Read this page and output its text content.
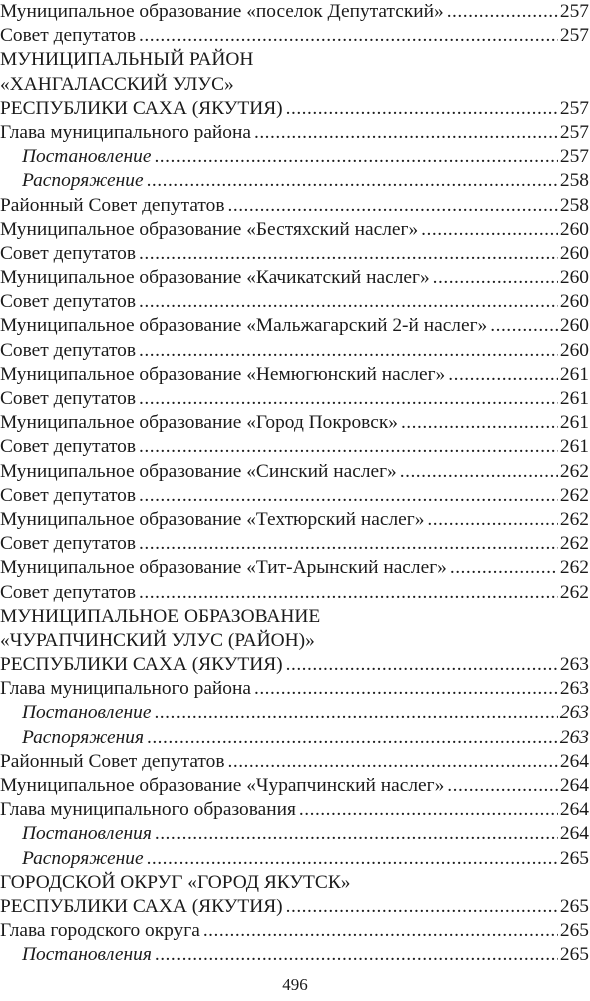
Муниципальное образование «поселок Депутатский» .....	257
Совет депутатов .....	257
МУНИЦИПАЛЬНЫЙ РАЙОН
«ХАНГАЛАССКИЙ УЛУС»
РЕСПУБЛИКИ САХА (ЯКУТИЯ) .....	257
Глава муниципального района .....	257
Постановление .....	257
Распоряжение .....	258
Районный Совет депутатов .....	258
Муниципальное образование «Бестяхский наслег» .....	260
Совет депутатов .....	260
Муниципальное образование «Качикатский наслег» .....	260
Совет депутатов .....	260
Муниципальное образование «Мальжагарский 2-й наслег» .....	260
Совет депутатов .....	260
Муниципальное образование «Немюгюнский наслег» .....	261
Совет депутатов .....	261
Муниципальное образование «Город Покровск» .....	261
Совет депутатов .....	261
Муниципальное образование «Синский наслег» .....	262
Совет депутатов .....	262
Муниципальное образование «Техтюрский наслег» .....	262
Совет депутатов .....	262
Муниципальное образование «Тит-Арынский наслег» .....	262
Совет депутатов .....	262
МУНИЦИПАЛЬНОЕ ОБРАЗОВАНИЕ
«ЧУРАПЧИНСКИЙ УЛУС (РАЙОН)»
РЕСПУБЛИКИ САХА (ЯКУТИЯ) .....	263
Глава муниципального района .....	263
Постановление .....	263
Распоряжения .....	263
Районный Совет депутатов .....	264
Муниципальное образование «Чурапчинский наслег» .....	264
Глава муниципального образования .....	264
Постановления .....	264
Распоряжение .....	265
ГОРОДСКОЙ ОКРУГ «ГОРОД ЯКУТСК»
РЕСПУБЛИКИ САХА (ЯКУТИЯ) .....	265
Глава городского округа .....	265
Постановления .....	265
496
